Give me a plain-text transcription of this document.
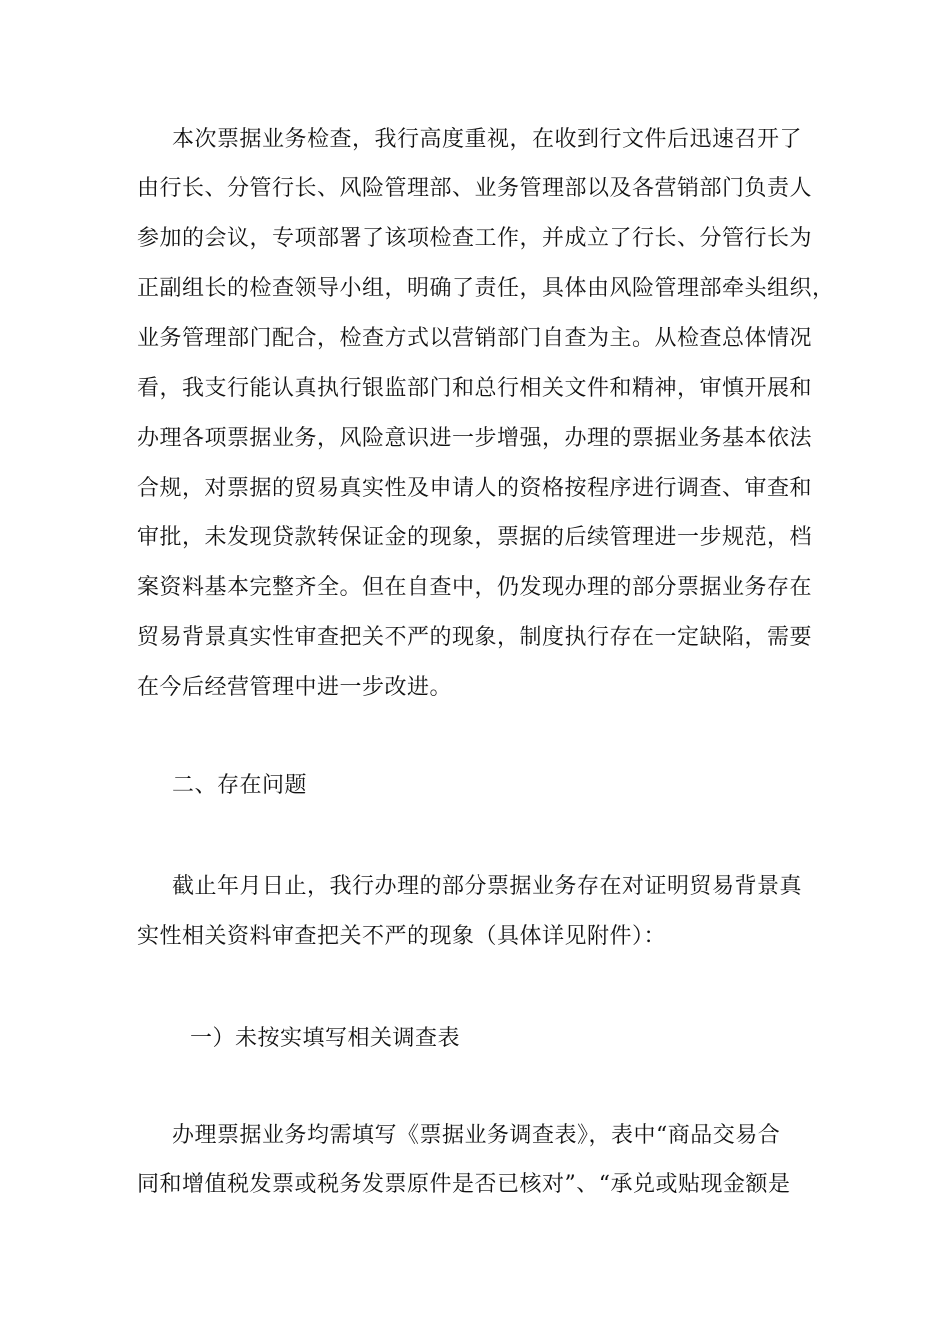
本次票据业务检查，我行高度重视，在收到行文件后迅速召开了
由行长、分管行长、风险管理部、业务管理部以及各营销部门负责人
参加的会议，专项部署了该项检查工作，并成立了行长、分管行长为
正副组长的检查领导小组，明确了责任，具体由风险管理部牵头组织，
业务管理部门配合，检查方式以营销部门自查为主。从检查总体情况
看，我支行能认真执行银监部门和总行相关文件和精神，审慎开展和
办理各项票据业务，风险意识进一步增强，办理的票据业务基本依法
合规，对票据的贸易真实性及申请人的资格按程序进行调查、审查和
审批，未发现贷款转保证金的现象，票据的后续管理进一步规范，档
案资料基本完整齐全。但在自查中，仍发现办理的部分票据业务存在
贸易背景真实性审查把关不严的现象，制度执行存在一定缺陷，需要
在今后经营管理中进一步改进。
二、存在问题
截止年月日止，我行办理的部分票据业务存在对证明贸易背景真
实性相关资料审查把关不严的现象（具体详见附件）：
一）未按实填写相关调查表
办理票据业务均需填写《票据业务调查表》，表中“商品交易合
同和增值税发票或税务发票原件是否已核对”、“承兑或贴现金额是
